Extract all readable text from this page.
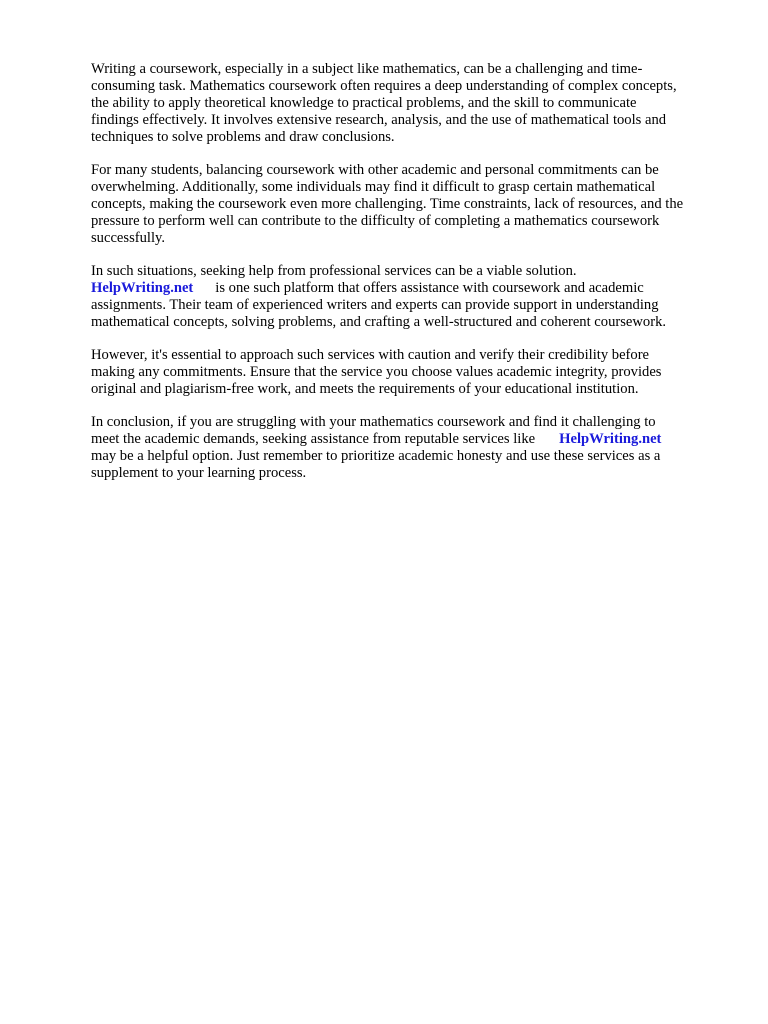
Writing a coursework, especially in a subject like mathematics, can be a challenging and time-
consuming task. Mathematics coursework often requires a deep understanding of complex concepts,
the ability to apply theoretical knowledge to practical problems, and the skill to communicate
findings effectively. It involves extensive research, analysis, and the use of mathematical tools and
techniques to solve problems and draw conclusions.

For many students, balancing coursework with other academic and personal commitments can be
overwhelming. Additionally, some individuals may find it difficult to grasp certain mathematical
concepts, making the coursework even more challenging. Time constraints, lack of resources, and the
pressure to perform well can contribute to the difficulty of completing a mathematics coursework
successfully.

In such situations, seeking help from professional services can be a viable solution.
HelpWriting.net is one such platform that offers assistance with coursework and academic
assignments. Their team of experienced writers and experts can provide support in understanding
mathematical concepts, solving problems, and crafting a well-structured and coherent coursework.

However, it's essential to approach such services with caution and verify their credibility before
making any commitments. Ensure that the service you choose values academic integrity, provides
original and plagiarism-free work, and meets the requirements of your educational institution.

In conclusion, if you are struggling with your mathematics coursework and find it challenging to
meet the academic demands, seeking assistance from reputable services like HelpWriting.net
may be a helpful option. Just remember to prioritize academic honesty and use these services as a
supplement to your learning process.
